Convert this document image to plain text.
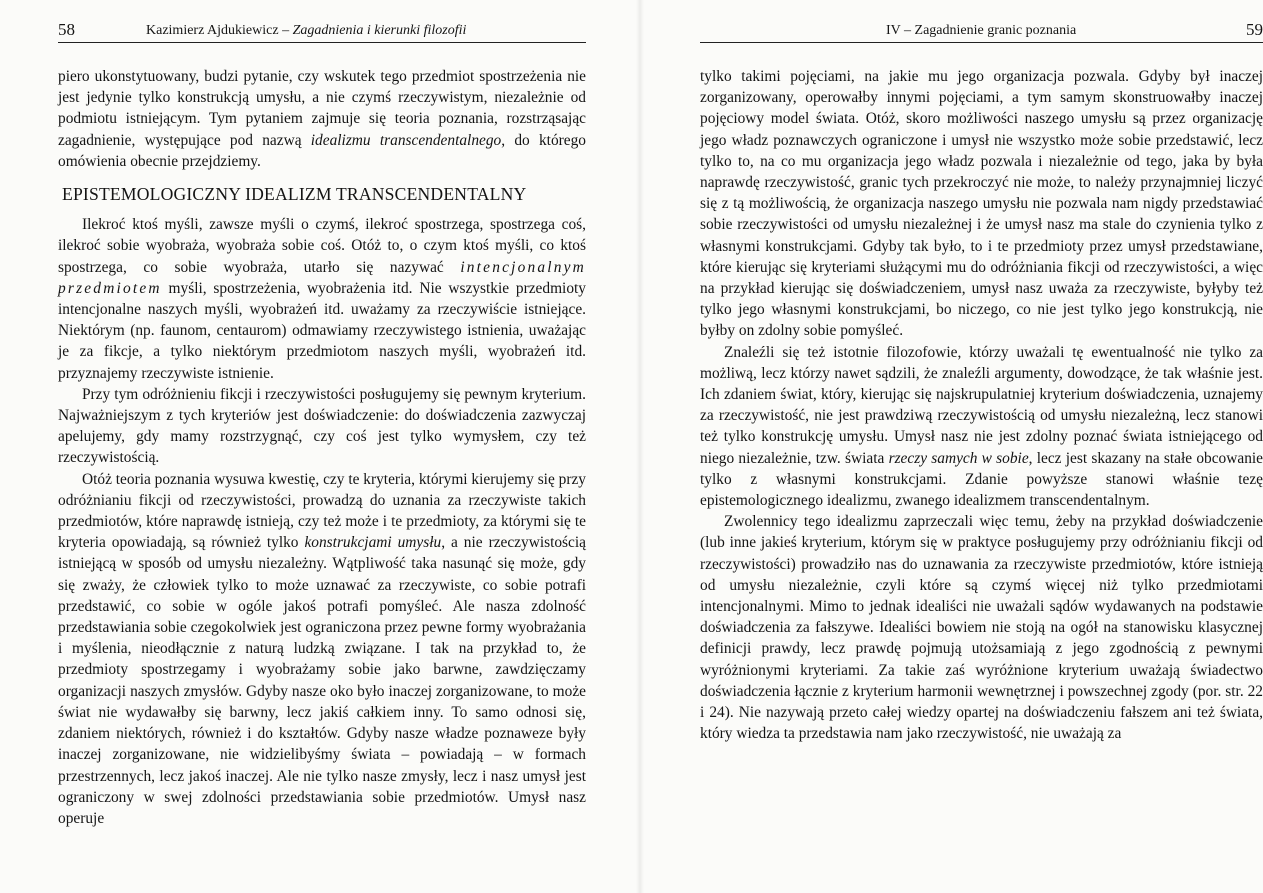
58	Kazimierz Ajdukiewicz – Zagadnienia i kierunki filozofii

piero ukonstytuowany, budzi pytanie, czy wskutek tego przedmiot spostrzeżenia nie jest jedynie tylko konstrukcją umysłu, a nie czymś rzeczywistym, niezależnie od podmiotu istniejącym. Tym pytaniem zajmuje się teoria poznania, rozstrząsając zagadnienie, występujące pod nazwą idealizmu transcendentalnego, do którego omówienia obecnie przejdziemy.

EPISTEMOLOGICZNY IDEALIZM TRANSCENDENTALNY

Ilekroć ktoś myśli, zawsze myśli o czymś, ilekroć spostrzega, spostrzega coś, ilekroć sobie wyobraża, wyobraża sobie coś. Otóż to, o czym ktoś myśli, co ktoś spostrzega, co sobie wyobraża, utarło się nazywać intencjonalnym przedmiotem myśli, spostrzeżenia, wyobrażenia itd. Nie wszystkie przedmioty intencjonalne naszych myśli, wyobrażeń itd. uważamy za rzeczywiście istniejące. Niektórym (np. faunom, centaurom) odmawiamy rzeczywistego istnienia, uważając je za fikcje, a tylko niektórym przedmiotom naszych myśli, wyobrażeń itd. przyznajemy rzeczywiste istnienie.

Przy tym odróżnieniu fikcji i rzeczywistości posługujemy się pewnym kryterium. Najważniejszym z tych kryteriów jest doświadczenie: do doświadczenia zazwyczaj apelujemy, gdy mamy rozstrzygnąć, czy coś jest tylko wymysłem, czy też rzeczywistością.

Otóż teoria poznania wysuwa kwestię, czy te kryteria, którymi kierujemy się przy odróżnianiu fikcji od rzeczywistości, prowadzą do uznania za rzeczywiste takich przedmiotów, które naprawdę istnieją, czy też może i te przedmioty, za którymi się te kryteria opowiadają, są również tylko konstrukcjami umysłu, a nie rzeczywistością istniejącą w sposób od umysłu niezależny. Wątpliwość taka nasunąć się może, gdy się zważy, że człowiek tylko to może uznawać za rzeczywiste, co sobie potrafi przedstawić, co sobie w ogóle jakoś potrafi pomyśleć. Ale nasza zdolność przedstawiania sobie czegokolwiek jest ograniczona przez pewne formy wyobrażania i myślenia, nieodłącznie z naturą ludzką związane. I tak na przykład to, że przedmioty spostrzegamy i wyobrażamy sobie jako barwne, zawdzięczamy organizacji naszych zmysłów. Gdyby nasze oko było inaczej zorganizowane, to może świat nie wydawałby się barwny, lecz jakiś całkiem inny. To samo odnosi się, zdaniem niektórych, również i do kształtów. Gdyby nasze władze poznaweze były inaczej zorganizowane, nie widzielibyśmy świata – powiadają – w formach przestrzennych, lecz jakoś inaczej. Ale nie tylko nasze zmysły, lecz i nasz umysł jest ograniczony w swej zdolności przedstawiania sobie przedmiotów. Umysł nasz operuje

IV – Zagadnienie granic poznania	59

tylko takimi pojęciami, na jakie mu jego organizacja pozwala. Gdyby był inaczej zorganizowany, operowałby innymi pojęciami, a tym samym skonstruowałby inaczej pojęciowy model świata. Otóż, skoro możliwości naszego umysłu są przez organizację jego władz poznawczych ograniczone i umysł nie wszystko może sobie przedstawić, lecz tylko to, na co mu organizacja jego władz pozwala i niezależnie od tego, jaka by była naprawdę rzeczywistość, granic tych przekroczyć nie może, to należy przynajmniej liczyć się z tą możliwością, że organizacja naszego umysłu nie pozwala nam nigdy przedstawiać sobie rzeczywistości od umysłu niezależnej i że umysł nasz ma stale do czynienia tylko z własnymi konstrukcjami. Gdyby tak było, to i te przedmioty przez umysł przedstawiane, które kierując się kryteriami służącymi mu do odróżniania fikcji od rzeczywistości, a więc na przykład kierując się doświadczeniem, umysł nasz uważa za rzeczywiste, byłyby też tylko jego własnymi konstrukcjami, bo niczego, co nie jest tylko jego konstrukcją, nie byłby on zdolny sobie pomyśleć.

Znaleźli się też istotnie filozofowie, którzy uważali tę ewentualność nie tylko za możliwą, lecz którzy nawet sądzili, że znaleźli argumenty, dowodzące, że tak właśnie jest. Ich zdaniem świat, który, kierując się najskrupulatniej kryterium doświadczenia, uznajemy za rzeczywistość, nie jest prawdziwą rzeczywistością od umysłu niezależną, lecz stanowi też tylko konstrukcję umysłu. Umysł nasz nie jest zdolny poznać świata istniejącego od niego niezależnie, tzw. świata rzeczy samych w sobie, lecz jest skazany na stałe obcowanie tylko z własnymi konstrukcjami. Zdanie powyższe stanowi właśnie tezę epistemologicznego idealizmu, zwanego idealizmem transcendentalnym.

Zwolennicy tego idealizmu zaprzeczali więc temu, żeby na przykład doświadczenie (lub inne jakieś kryterium, którym się w praktyce posługujemy przy odróżnianiu fikcji od rzeczywistości) prowadziło nas do uznawania za rzeczywiste przedmiotów, które istnieją od umysłu niezależnie, czyli które są czymś więcej niż tylko przedmiotami intencjonalnymi. Mimo to jednak idealiści nie uważali sądów wydawanych na podstawie doświadczenia za fałszywe. Idealiści bowiem nie stoją na ogół na stanowisku klasycznej definicji prawdy, lecz prawdę pojmują utożsamiają z jego zgodnością z pewnymi wyróżnionymi kryteriami. Za takie zaś wyróżnione kryterium uważają świadectwo doświadczenia łącznie z kryterium harmonii wewnętrznej i powszechnej zgody (por. str. 22 i 24). Nie nazywają przeto całej wiedzy opartej na doświadczeniu fałszem ani też świata, który wiedza ta przedstawia nam jako rzeczywistość, nie uważają za
